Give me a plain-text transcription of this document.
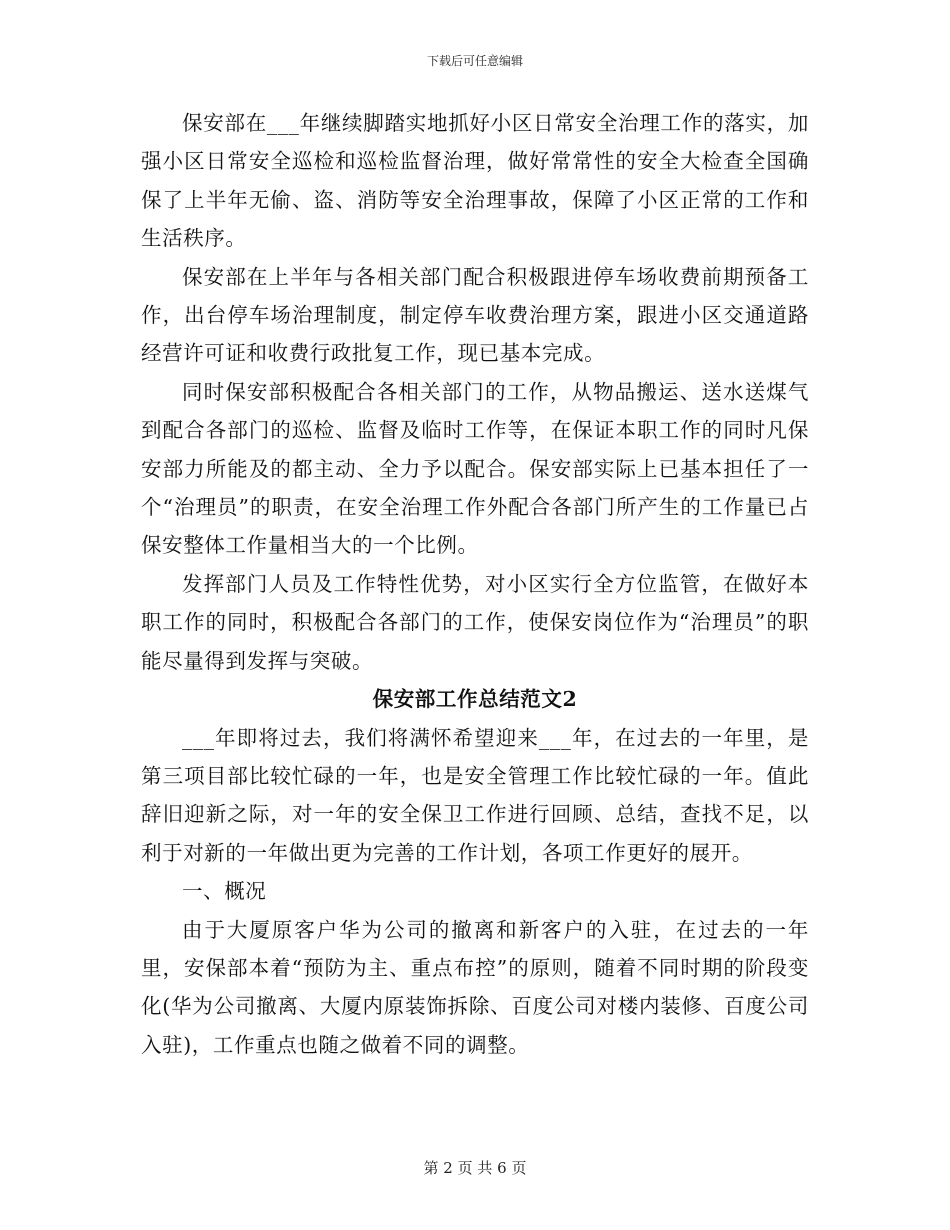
下载后可任意编辑

保安部在___年继续脚踏实地抓好小区日常安全治理工作的落实，加强小区日常安全巡检和巡检监督治理，做好常常性的安全大检查全国确保了上半年无偷、盗、消防等安全治理事故，保障了小区正常的工作和生活秩序。

保安部在上半年与各相关部门配合积极跟进停车场收费前期预备工作，出台停车场治理制度，制定停车收费治理方案，跟进小区交通道路经营许可证和收费行政批复工作，现已基本完成。

同时保安部积极配合各相关部门的工作，从物品搬运、送水送煤气到配合各部门的巡检、监督及临时工作等，在保证本职工作的同时凡保安部力所能及的都主动、全力予以配合。保安部实际上已基本担任了一个“治理员”的职责，在安全治理工作外配合各部门所产生的工作量已占保安整体工作量相当大的一个比例。

发挥部门人员及工作特性优势，对小区实行全方位监管，在做好本职工作的同时，积极配合各部门的工作，使保安岗位作为“治理员”的职能尽量得到发挥与突破。

保安部工作总结范文2

___年即将过去，我们将满怀希望迎来___年，在过去的一年里，是第三项目部比较忙碌的一年，也是安全管理工作比较忙碌的一年。值此辞旧迎新之际，对一年的安全保卫工作进行回顾、总结，查找不足，以利于对新的一年做出更为完善的工作计划，各项工作更好的展开。

一、概况

由于大厦原客户华为公司的撤离和新客户的入驻，在过去的一年里，安保部本着“预防为主、重点布控”的原则，随着不同时期的阶段变化(华为公司撤离、大厦内原装饰拆除、百度公司对楼内装修、百度公司入驻)，工作重点也随之做着不同的调整。

第 2 页 共 6 页
